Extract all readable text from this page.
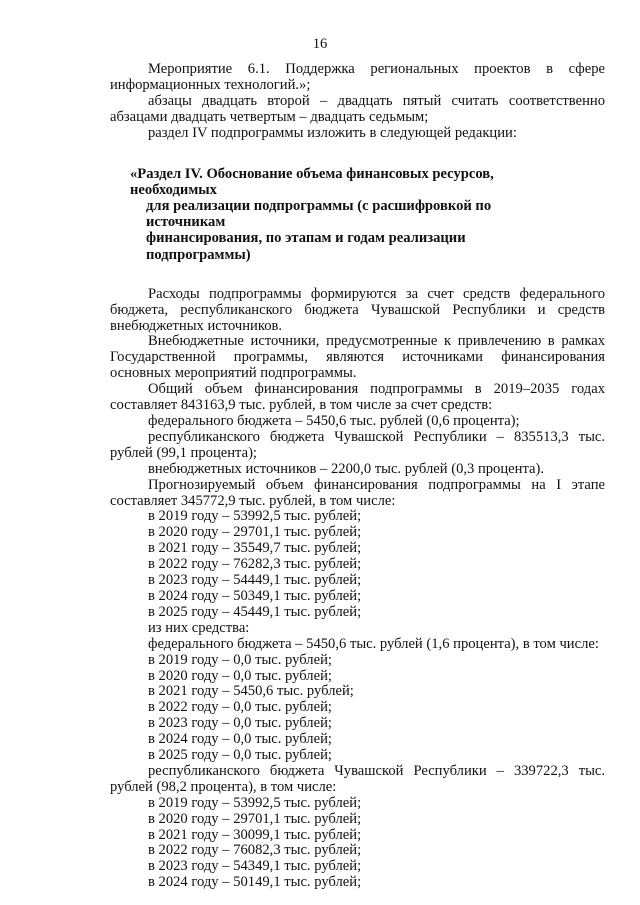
16

Мероприятие 6.1. Поддержка региональных проектов в сфере информационных технологий.»;

абзацы двадцать второй – двадцать пятый считать соответственно абзацами двадцать четвертым – двадцать седьмым;

раздел IV подпрограммы изложить в следующей редакции:

«Раздел IV. Обоснование объема финансовых ресурсов, необходимых
для реализации подпрограммы (с расшифровкой по источникам
финансирования, по этапам и годам реализации подпрограммы)

Расходы подпрограммы формируются за счет средств федерального бюджета, республиканского бюджета Чувашской Республики и средств внебюджетных источников.

Внебюджетные источники, предусмотренные к привлечению в рамках Государственной программы, являются источниками финансирования основных мероприятий подпрограммы.

Общий объем финансирования подпрограммы в 2019–2035 годах составляет 843163,9 тыс. рублей, в том числе за счет средств:

федерального бюджета – 5450,6 тыс. рублей (0,6 процента);

республиканского бюджета Чувашской Республики – 835513,3 тыс. рублей (99,1 процента);

внебюджетных источников – 2200,0 тыс. рублей (0,3 процента).

Прогнозируемый объем финансирования подпрограммы на I этапе составляет 345772,9 тыс. рублей, в том числе:

в 2019 году – 53992,5 тыс. рублей;

в 2020 году – 29701,1 тыс. рублей;

в 2021 году – 35549,7 тыс. рублей;

в 2022 году – 76282,3 тыс. рублей;

в 2023 году – 54449,1 тыс. рублей;

в 2024 году – 50349,1 тыс. рублей;

в 2025 году – 45449,1 тыс. рублей;

из них средства:

федерального бюджета – 5450,6 тыс. рублей (1,6 процента), в том числе:

в 2019 году – 0,0 тыс. рублей;

в 2020 году – 0,0 тыс. рублей;

в 2021 году – 5450,6 тыс. рублей;

в 2022 году – 0,0 тыс. рублей;

в 2023 году – 0,0 тыс. рублей;

в 2024 году – 0,0 тыс. рублей;

в 2025 году – 0,0 тыс. рублей;

республиканского бюджета Чувашской Республики – 339722,3 тыс. рублей (98,2 процента), в том числе:

в 2019 году – 53992,5 тыс. рублей;

в 2020 году – 29701,1 тыс. рублей;

в 2021 году – 30099,1 тыс. рублей;

в 2022 году – 76082,3 тыс. рублей;

в 2023 году – 54349,1 тыс. рублей;

в 2024 году – 50149,1 тыс. рублей;
